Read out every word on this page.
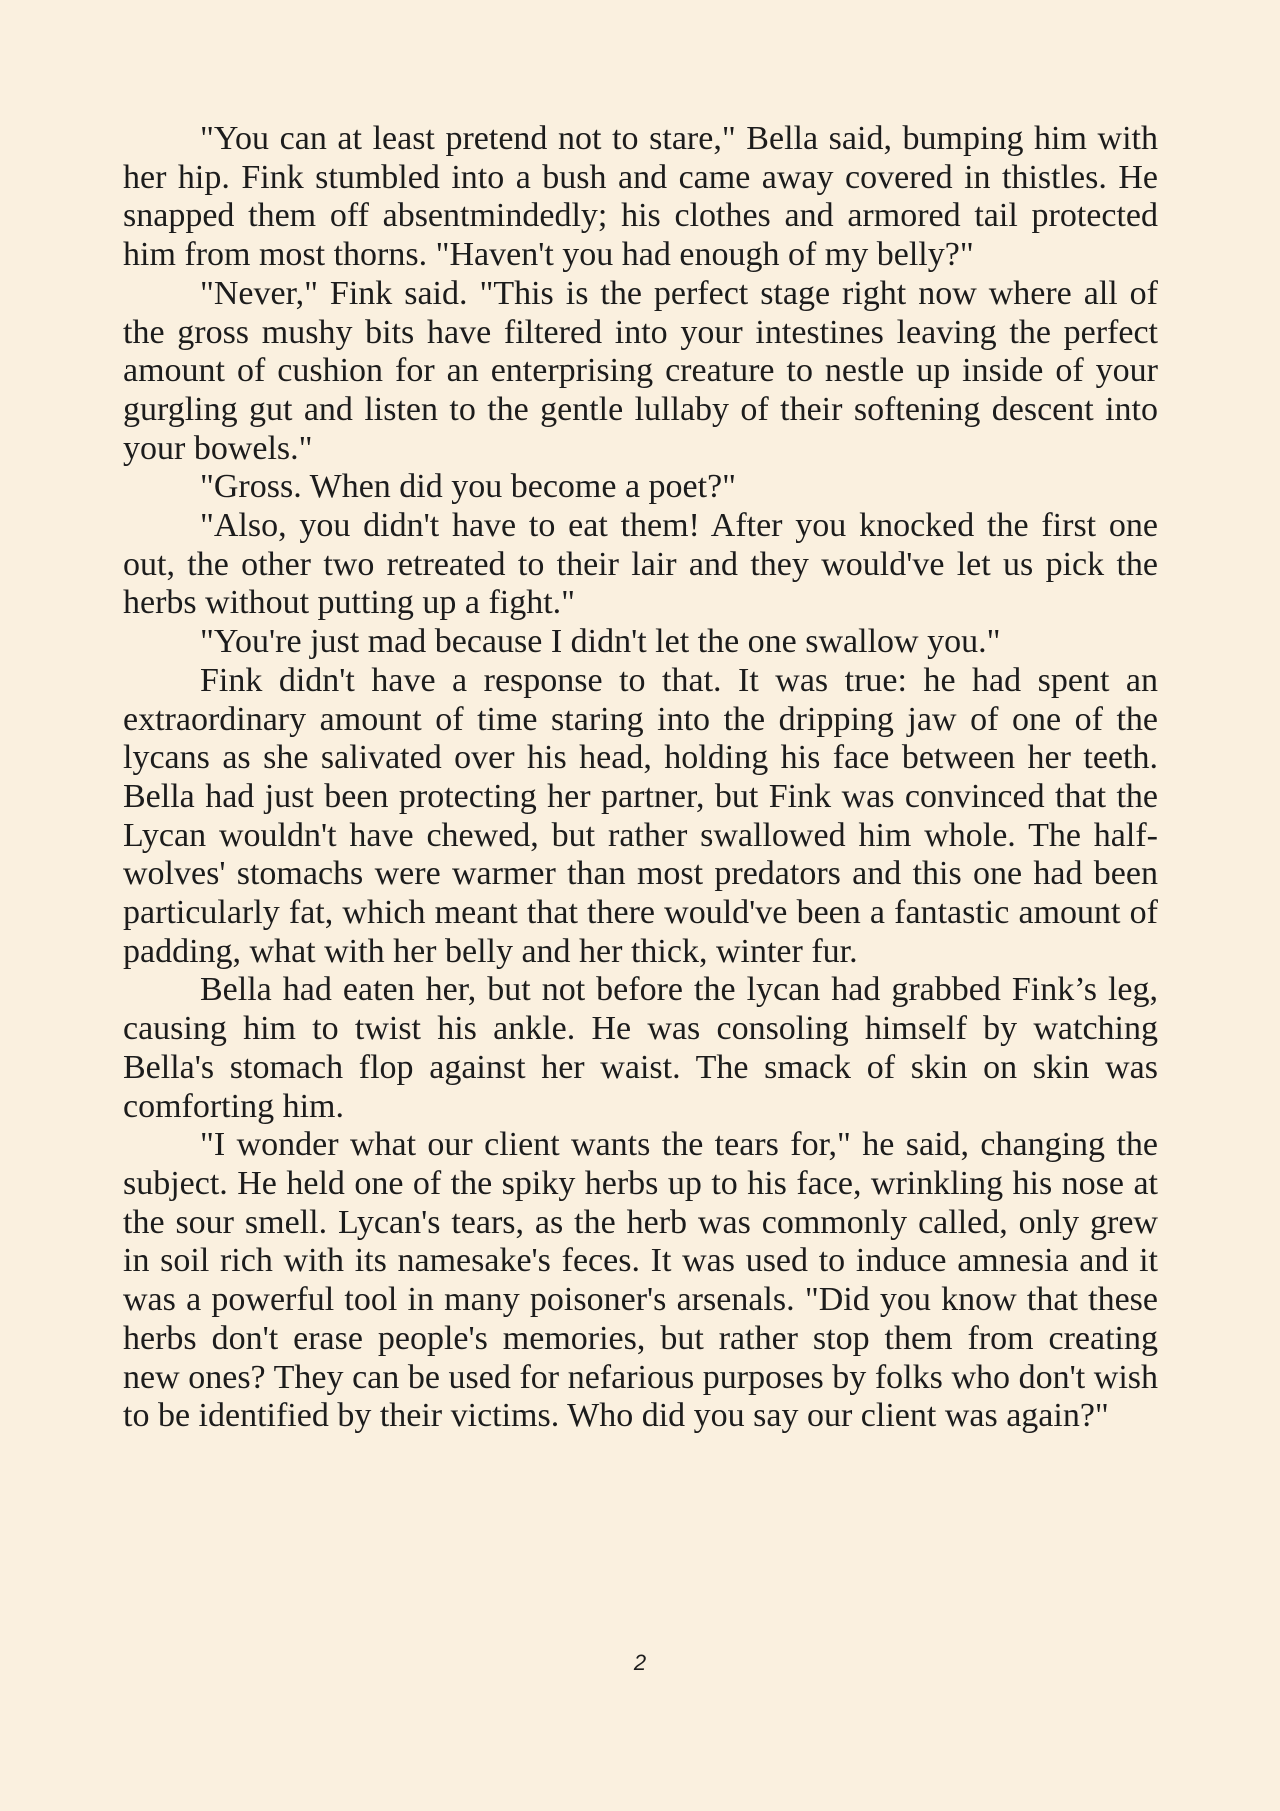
"You can at least pretend not to stare," Bella said, bumping him with her hip. Fink stumbled into a bush and came away covered in thistles. He snapped them off absentmindedly; his clothes and armored tail protected him from most thorns. "Haven't you had enough of my belly?"

"Never," Fink said. "This is the perfect stage right now where all of the gross mushy bits have filtered into your intestines leaving the perfect amount of cushion for an enterprising creature to nestle up inside of your gurgling gut and listen to the gentle lullaby of their softening descent into your bowels."

"Gross. When did you become a poet?"

"Also, you didn't have to eat them! After you knocked the first one out, the other two retreated to their lair and they would've let us pick the herbs without putting up a fight."

"You're just mad because I didn't let the one swallow you."

Fink didn't have a response to that. It was true: he had spent an extraordinary amount of time staring into the dripping jaw of one of the lycans as she salivated over his head, holding his face between her teeth. Bella had just been protecting her partner, but Fink was convinced that the Lycan wouldn't have chewed, but rather swallowed him whole. The half-wolves' stomachs were warmer than most predators and this one had been particularly fat, which meant that there would've been a fantastic amount of padding, what with her belly and her thick, winter fur.

Bella had eaten her, but not before the lycan had grabbed Fink’s leg, causing him to twist his ankle. He was consoling himself by watching Bella's stomach flop against her waist. The smack of skin on skin was comforting him.

"I wonder what our client wants the tears for," he said, changing the subject. He held one of the spiky herbs up to his face, wrinkling his nose at the sour smell. Lycan's tears, as the herb was commonly called, only grew in soil rich with its namesake's feces. It was used to induce amnesia and it was a powerful tool in many poisoner's arsenals. "Did you know that these herbs don't erase people's memories, but rather stop them from creating new ones? They can be used for nefarious purposes by folks who don't wish to be identified by their victims. Who did you say our client was again?"

2
